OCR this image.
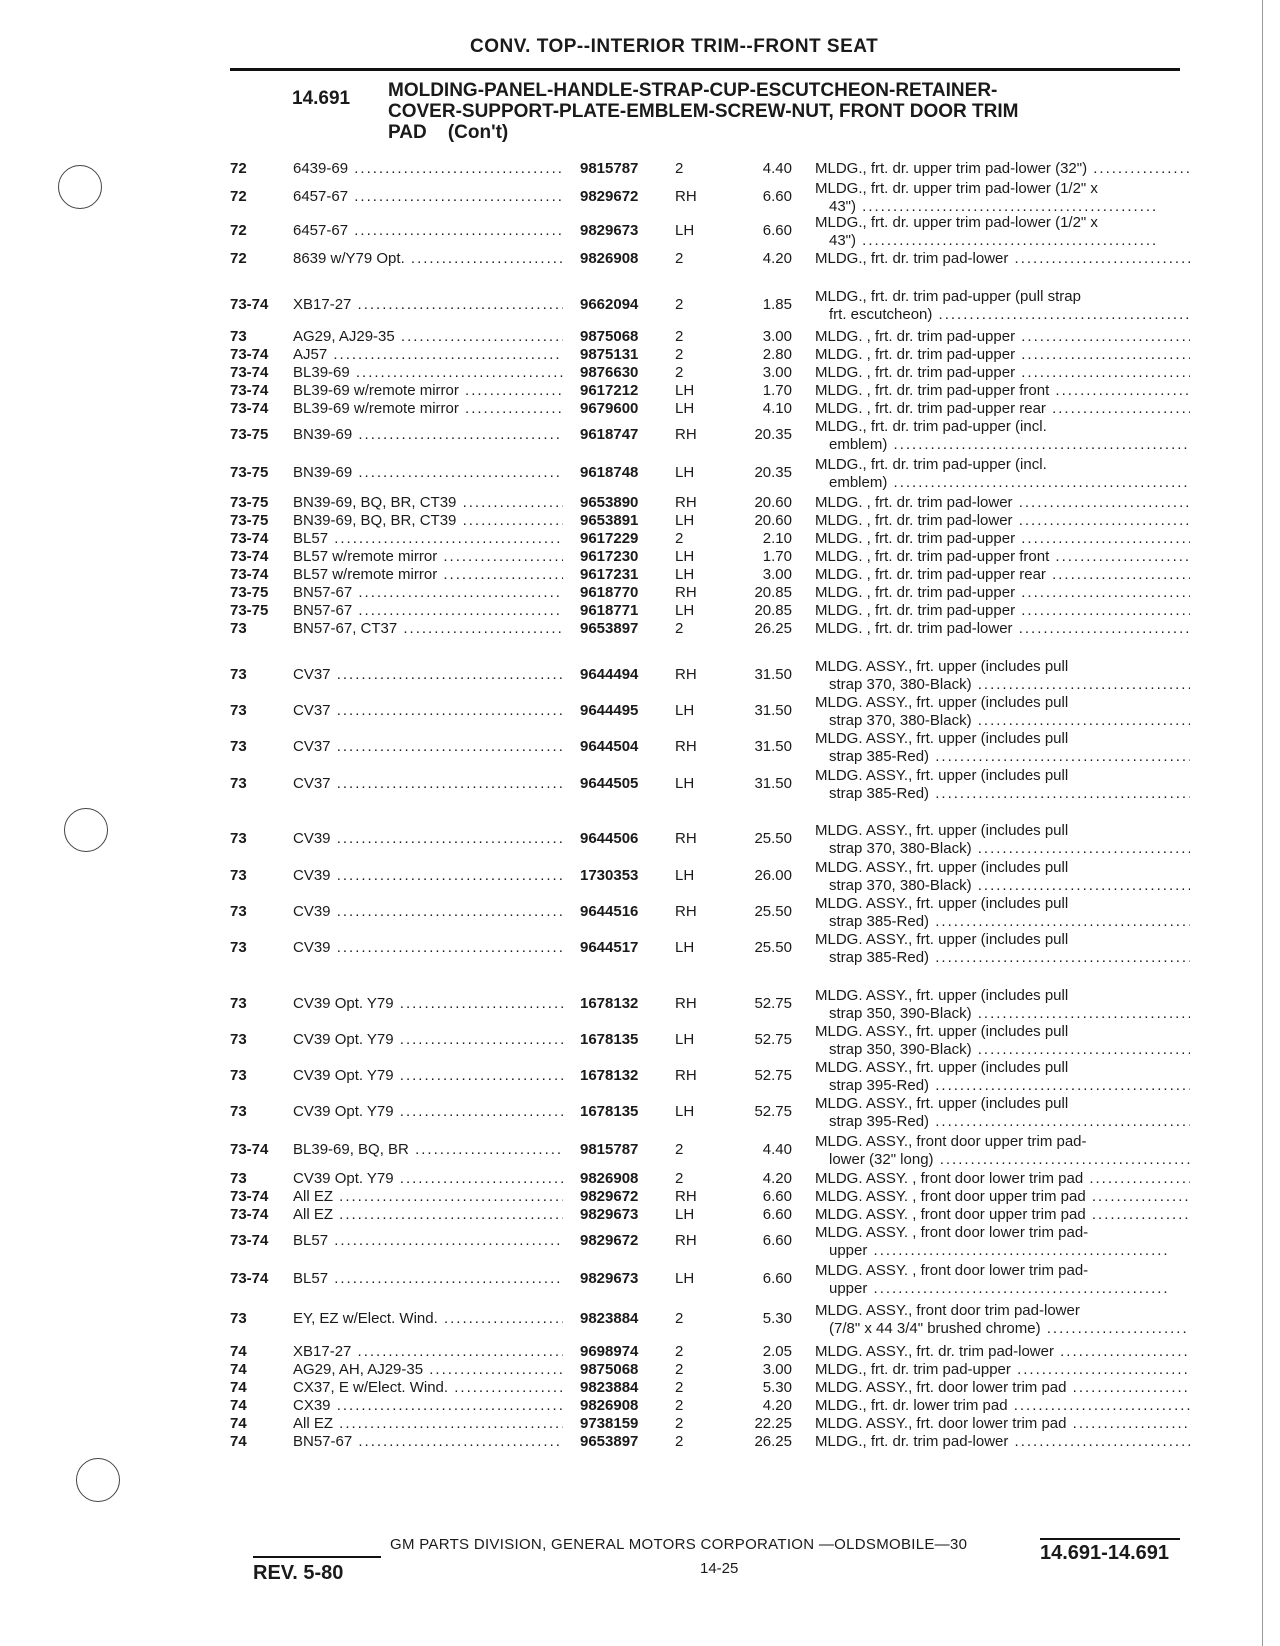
CONV. TOP--INTERIOR TRIM--FRONT SEAT
14.691 MOLDING-PANEL-HANDLE-STRAP-CUP-ESCUTCHEON-RETAINER-
COVER-SUPPORT-PLATE-EMBLEM-SCREW-NUT, FRONT DOOR TRIM
PAD    (Con't)
72	6439-69 .....	9815787 2	4.40 MLDG., frt. dr. upper trim pad-lower (32") .....
72	6457-67 .....	9829672 RH	6.60 MLDG., frt. dr. upper trim pad-lower (1/2" x
43") .....
72	6457-67 .....	9829673 LH	6.60 MLDG., frt. dr. upper trim pad-lower (1/2" x
43") .....
72	8639 w/Y79 Opt. .....	9826908 2	4.20 MLDG., frt. dr. trim pad-lower .....
73-74 XB17-27 .....	9662094 2	1.85 MLDG., frt. dr. trim pad-upper (pull strap
frt. escutcheon) .....
73	AG29, AJ29-35 .....	9875068 2	3.00 MLDG. , frt. dr. trim pad-upper .....
73-74 AJ57 .....	9875131 2	2.80 MLDG. , frt. dr. trim pad-upper .....
73-74 BL39-69 .....	9876630 2	3.00 MLDG. , frt. dr. trim pad-upper .....
73-74 BL39-69 w/remote mirror .....	9617212 LH	1.70 MLDG. , frt. dr. trim pad-upper front .....
73-74 BL39-69 w/remote mirror .....	9679600 LH	4.10 MLDG. , frt. dr. trim pad-upper rear .....
73-75 BN39-69 .....	9618747 RH	20.35 MLDG., frt. dr. trim pad-upper (incl.
emblem) .....
73-75 BN39-69 .....	9618748 LH	20.35 MLDG., frt. dr. trim pad-upper (incl.
emblem) .....
73-75 BN39-69, BQ, BR, CT39 .....	9653890 RH	20.60 MLDG. , frt. dr. trim pad-lower .....
73-75 BN39-69, BQ, BR, CT39 .....	9653891 LH	20.60 MLDG. , frt. dr. trim pad-lower .....
73-74 BL57 .....	9617229 2	2.10 MLDG. , frt. dr. trim pad-upper .....
73-74 BL57 w/remote mirror .....	9617230 LH	1.70 MLDG. , frt. dr. trim pad-upper front .....
73-74 BL57 w/remote mirror .....	9617231 LH	3.00 MLDG. , frt. dr. trim pad-upper rear .....
73-75 BN57-67 .....	9618770 RH	20.85 MLDG. , frt. dr. trim pad-upper .....
73-75 BN57-67 .....	9618771 LH	20.85 MLDG. , frt. dr. trim pad-upper .....
73	BN57-67, CT37 .....	9653897 2	26.25 MLDG. , frt. dr. trim pad-lower .....
73	CV37 .....	9644494 RH	31.50 MLDG. ASSY., frt. upper (includes pull
strap 370, 380-Black) .....
73	CV37 .....	9644495 LH	31.50 MLDG. ASSY., frt. upper (includes pull
strap 370, 380-Black) .....
73	CV37 .....	9644504 RH	31.50 MLDG. ASSY., frt. upper (includes pull
strap 385-Red) .....
73	CV37 .....	9644505 LH	31.50 MLDG. ASSY., frt. upper (includes pull
strap 385-Red) .....
73	CV39 .....	9644506 RH	25.50 MLDG. ASSY., frt. upper (includes pull
strap 370, 380-Black) .....
73	CV39 .....	1730353 LH	26.00 MLDG. ASSY., frt. upper (includes pull
strap 370, 380-Black) .....
73	CV39 .....	9644516 RH	25.50 MLDG. ASSY., frt. upper (includes pull
strap 385-Red) .....
73	CV39 .....	9644517 LH	25.50 MLDG. ASSY., frt. upper (includes pull
strap 385-Red) .....
73	CV39 Opt. Y79 .....	1678132 RH	52.75 MLDG. ASSY., frt. upper (includes pull
strap 350, 390-Black) .....
73	CV39 Opt. Y79 .....	1678135 LH	52.75 MLDG. ASSY., frt. upper (includes pull
strap 350, 390-Black) .....
73	CV39 Opt. Y79 .....	1678132 RH	52.75 MLDG. ASSY., frt. upper (includes pull
strap 395-Red) .....
73	CV39 Opt. Y79 .....	1678135 LH	52.75 MLDG. ASSY., frt. upper (includes pull
strap 395-Red) .....
73-74 BL39-69, BQ, BR .....	9815787 2	4.40 MLDG. ASSY., front door upper trim pad-
lower (32" long) .....
73	CV39 Opt. Y79 .....	9826908 2	4.20 MLDG. ASSY. , front door lower trim pad .....
73-74 All EZ .....	9829672 RH	6.60 MLDG. ASSY. , front door upper trim pad .....
73-74 All EZ .....	9829673 LH	6.60 MLDG. ASSY. , front door upper trim pad .....
73-74 BL57 .....	9829672 RH	6.60 MLDG. ASSY. , front door lower trim pad-
upper .....
73-74 BL57 .....	9829673 LH	6.60 MLDG. ASSY. , front door lower trim pad-
upper .....
73	EY, EZ w/Elect. Wind. .....	9823884 2	5.30 MLDG. ASSY., front door trim pad-lower
(7/8" x 44 3/4" brushed chrome) .....
74	XB17-27 .....	9698974 2	2.05 MLDG. ASSY., frt. dr. trim pad-lower .....
74	AG29, AH, AJ29-35 .....	9875068 2	3.00 MLDG., frt. dr. trim pad-upper .....
74	CX37, E w/Elect. Wind. .....	9823884 2	5.30 MLDG. ASSY., frt. door lower trim pad .....
74	CX39 .....	9826908 2	4.20 MLDG., frt. dr. lower trim pad .....
74	All EZ .....	9738159 2	22.25 MLDG. ASSY., frt. door lower trim pad .....
74	BN57-67 .....	9653897 2	26.25 MLDG., frt. dr. trim pad-lower .....
GM PARTS DIVISION, GENERAL MOTORS CORPORATION —OLDSMOBILE—30
14-25
REV. 5-80
14.691-14.691
